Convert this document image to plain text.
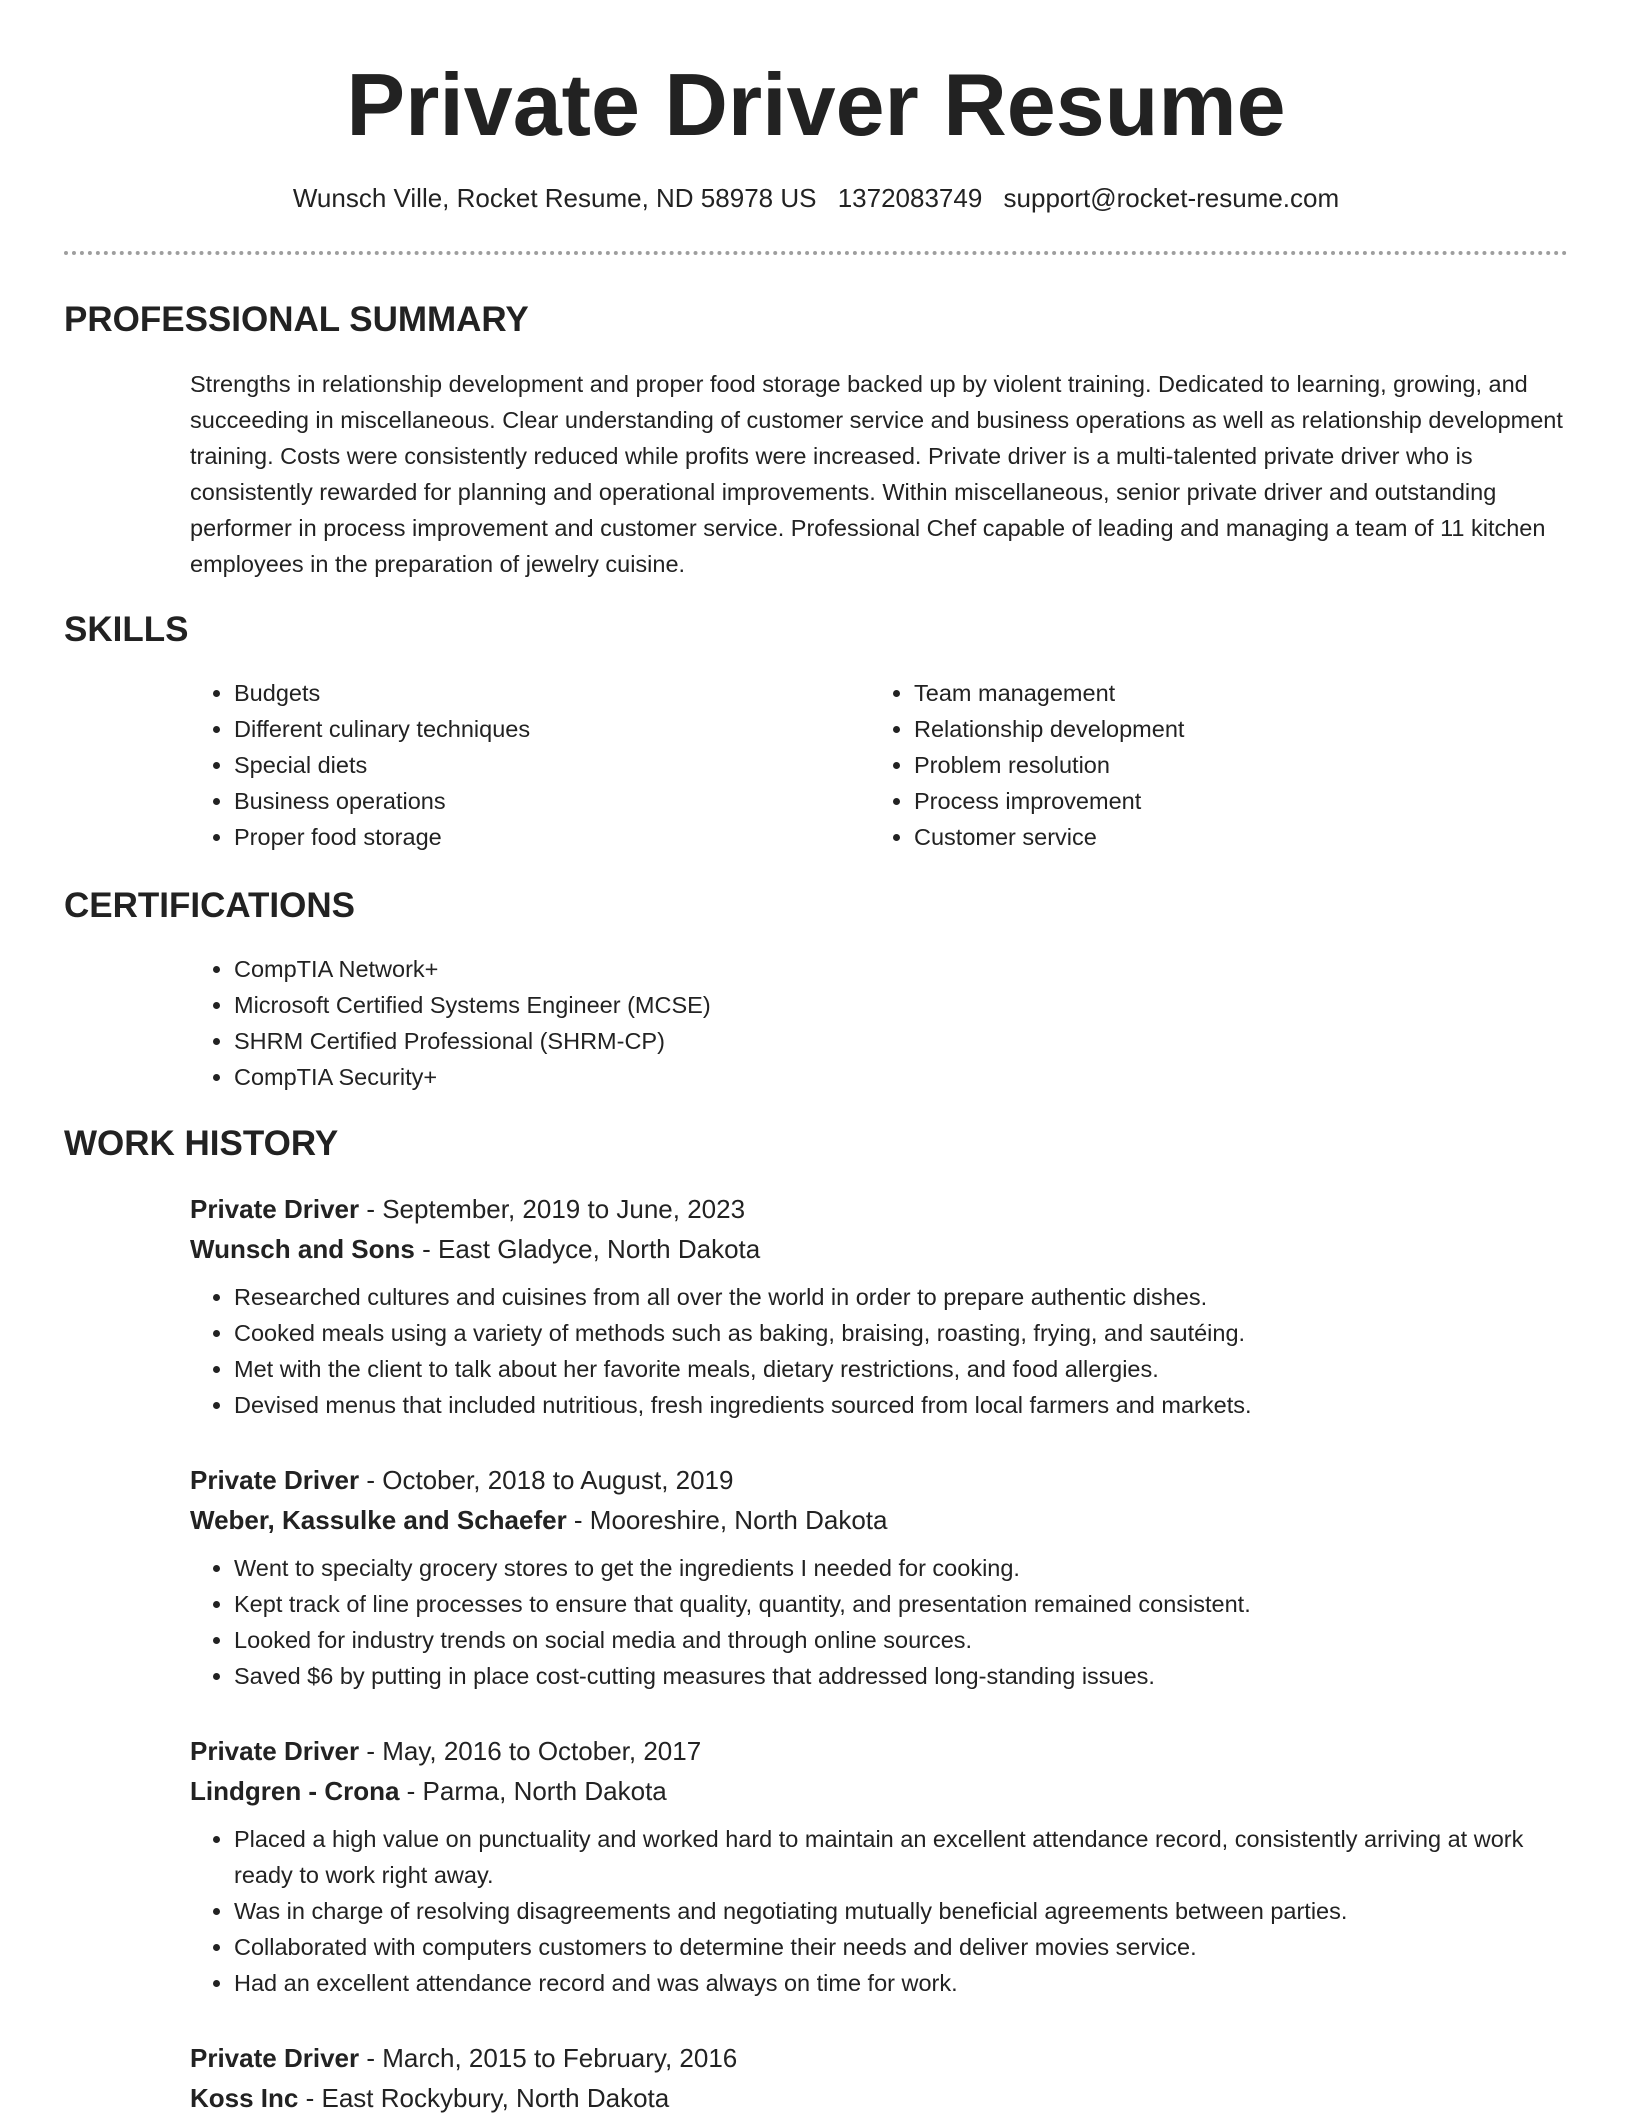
Private Driver Resume
Wunsch Ville, Rocket Resume, ND 58978 US 1372083749 support@rocket-resume.com
PROFESSIONAL SUMMARY

Strengths in relationship development and proper food storage backed up by violent training. Dedicated to learning, growing, and succeeding in miscellaneous. Clear understanding of customer service and business operations as well as relationship development training. Costs were consistently reduced while profits were increased. Private driver is a multi-talented private driver who is consistently rewarded for planning and operational improvements. Within miscellaneous, senior private driver and outstanding performer in process improvement and customer service. Professional Chef capable of leading and managing a team of 11 kitchen employees in the preparation of jewelry cuisine.

SKILLS
• Budgets
• Different culinary techniques
• Special diets
• Business operations
• Proper food storage
• Team management
• Relationship development
• Problem resolution
• Process improvement
• Customer service
CERTIFICATIONS
• CompTIA Network+
• Microsoft Certified Systems Engineer (MCSE)
• SHRM Certified Professional (SHRM-CP)
• CompTIA Security+
WORK HISTORY
Private Driver - September, 2019 to June, 2023
Wunsch and Sons - East Gladyce, North Dakota
• Researched cultures and cuisines from all over the world in order to prepare authentic dishes.
• Cooked meals using a variety of methods such as baking, braising, roasting, frying, and sautéing.
• Met with the client to talk about her favorite meals, dietary restrictions, and food allergies.
• Devised menus that included nutritious, fresh ingredients sourced from local farmers and markets.
Private Driver - October, 2018 to August, 2019
Weber, Kassulke and Schaefer - Mooreshire, North Dakota
• Went to specialty grocery stores to get the ingredients I needed for cooking.
• Kept track of line processes to ensure that quality, quantity, and presentation remained consistent.
• Looked for industry trends on social media and through online sources.
• Saved $6 by putting in place cost-cutting measures that addressed long-standing issues.
Private Driver - May, 2016 to October, 2017
Lindgren - Crona - Parma, North Dakota
• Placed a high value on punctuality and worked hard to maintain an excellent attendance record, consistently arriving at work ready to work right away.
• Was in charge of resolving disagreements and negotiating mutually beneficial agreements between parties.
• Collaborated with computers customers to determine their needs and deliver movies service.
• Had an excellent attendance record and was always on time for work.
Private Driver - March, 2015 to February, 2016
Koss Inc - East Rockybury, North Dakota
